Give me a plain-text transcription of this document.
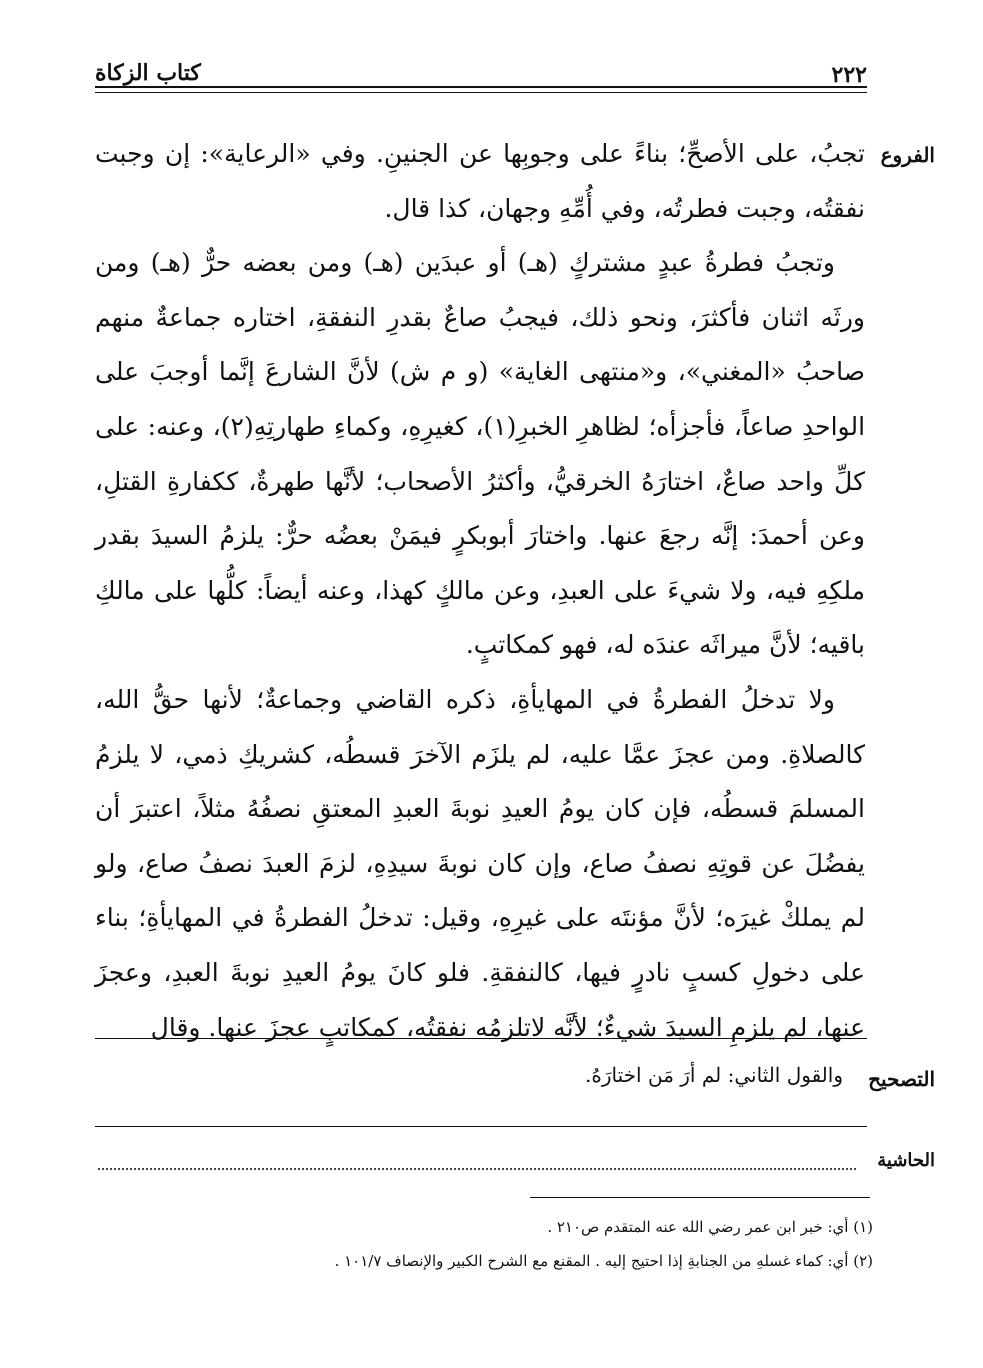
٢٢٢
كتاب الزكاة
الفروع

تجبُ، على الأصحِّ؛ بناءً على وجوبِها عن الجنينِ. وفي «الرعاية»: إن وجبت نفقتُه، وجبت فطرتُه، وفي أُمِّهِ وجهان، كذا قال.

وتجبُ فطرةُ عبدٍ مشتركٍ (هـ) أو عبدَين (هـ) ومن بعضه حرٌّ (هـ) ومن ورثَه اثنان فأكثرَ، ونحو ذلك، فيجبُ صاعٌ بقدرِ النفقةِ، اختاره جماعةٌ منهم صاحبُ «المغني»، و«منتهى الغاية» (و م ش) لأنَّ الشارعَ إنَّما أوجبَ على الواحدِ صاعاً، فأجزأه؛ لظاهرِ الخبرِ(١)، كغيرِهِ، وكماءِ طهارتِهِ(٢)، وعنه: على كلِّ واحد صاعٌ، اختارَهُ الخرقيُّ، وأكثرُ الأصحاب؛ لأنَّها طهرةٌ، ككفارةِ القتلِ، وعن أحمدَ: إنَّه رجعَ عنها. واختارَ أبوبكرٍ فيمَنْ بعضُه حرٌّ: يلزمُ السيدَ بقدر ملكِهِ فيه، ولا شيءَ على العبدِ، وعن مالكٍ كهذا، وعنه أيضاً: كلُّها على مالكِ باقيه؛ لأنَّ ميراثَه عندَه له، فهو كمكاتبٍ.

ولا تدخلُ الفطرةُ في المهايأةِ، ذكره القاضي وجماعةٌ؛ لأنها حقُّ الله، كالصلاةِ. ومن عجزَ عمَّا عليه، لم يلزَم الآخرَ قسطُه، كشريكِ ذمي، لا يلزمُ المسلمَ قسطُه، فإن كان يومُ العيدِ نوبةَ العبدِ المعتقِ نصفُهُ مثلاً، اعتبرَ أن يفضُلَ عن قوتِهِ نصفُ صاع، وإن كان نوبةَ سيدِهِ، لزمَ العبدَ نصفُ صاع، ولو لم يملكْ غيرَه؛ لأنَّ مؤنتَه على غيرِهِ، وقيل: تدخلُ الفطرةُ في المهايأةِ؛ بناء على دخولِ كسبٍ نادرٍ فيها، كالنفقةِ. فلو كانَ يومُ العيدِ نوبةَ العبدِ، وعجزَ عنها، لم يلزمِ السيدَ شيءٌ؛ لأنَّه لاتلزمُه نفقتُه، كمكاتبٍ عجزَ عنها. وقال

التصحيح
والقول الثاني: لم أرَ مَن اختارَهُ.
الحاشية
(١) أي: خبر ابن عمر رضي الله عنه المتقدم ص٢١٠ .
(٢) أي: كماء غسلهِ من الجنابةِ إذا احتيج إليه . المقنع مع الشرح الكبير والإنصاف ١٠١/٧ .
